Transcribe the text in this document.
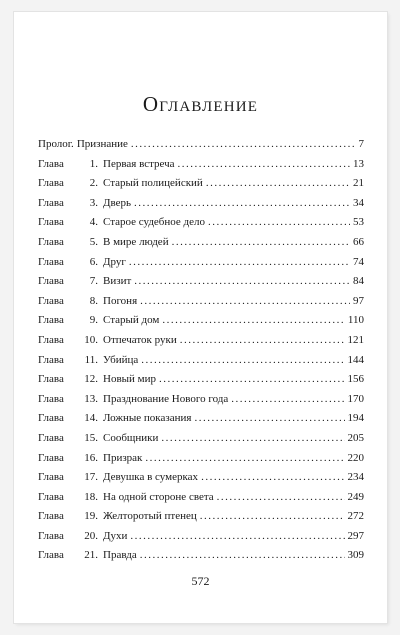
Оглавление
Пролог. Признание .....	7
Глава	1. Первая встреча .....	13
Глава	2. Старый полицейский .....	21
Глава	3. Дверь .....	34
Глава	4. Старое судебное дело .....	53
Глава	5. В мире людей .....	66
Глава	6. Друг .....	74
Глава	7. Визит .....	84
Глава	8. Погоня .....	97
Глава	9. Старый дом .....	110
Глава	10. Отпечаток руки .....	121
Глава	11. Убийца .....	144
Глава	12. Новый мир .....	156
Глава	13. Празднование Нового года .....	170
Глава	14. Ложные показания .....	194
Глава	15. Сообщники .....	205
Глава	16. Призрак .....	220
Глава	17. Девушка в сумерках .....	234
Глава	18. На одной стороне света .....	249
Глава	19. Желторотый птенец .....	272
Глава	20. Духи .....	297
Глава	21. Правда .....	309
572
